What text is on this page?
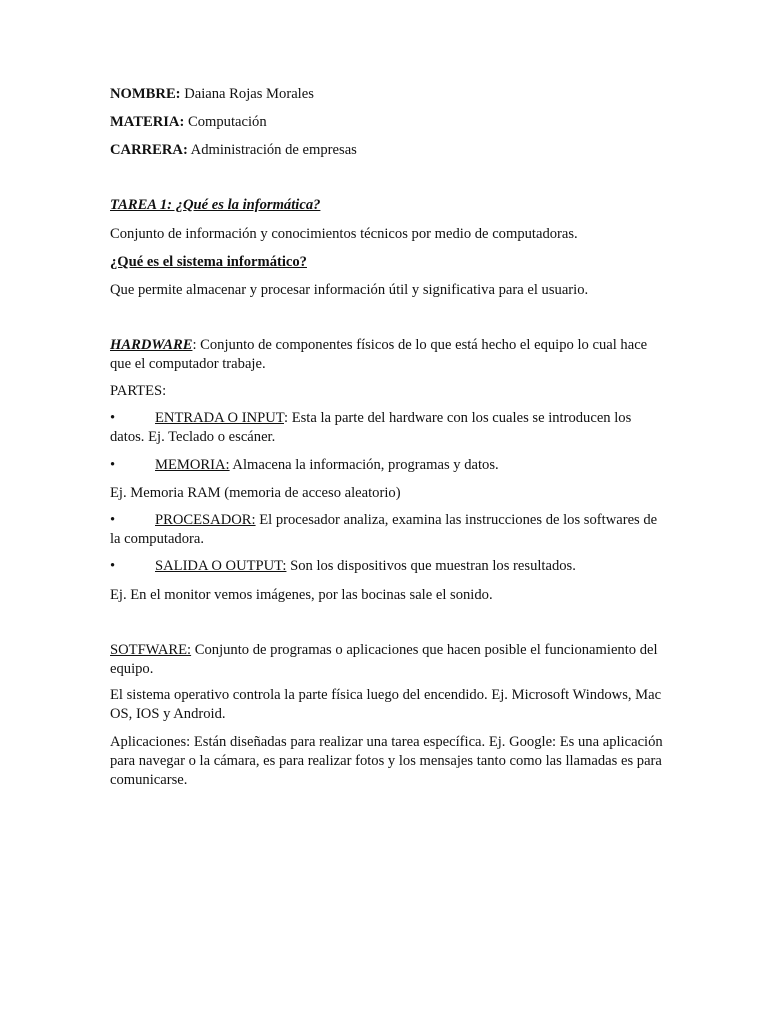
NOMBRE: Daiana Rojas Morales
MATERIA: Computación
CARRERA: Administración de empresas
TAREA 1: ¿Qué es la informática?
Conjunto de información y conocimientos técnicos por medio de computadoras.
¿Qué es el sistema informático?
Que permite almacenar y procesar información útil y significativa para el usuario.
HARDWARE: Conjunto de componentes físicos de lo que está hecho el equipo lo cual hace que el computador trabaje.
PARTES:
•	ENTRADA O INPUT: Esta la parte del hardware con los cuales se introducen los datos. Ej. Teclado o escáner.
•	MEMORIA: Almacena la información, programas y datos.
Ej. Memoria RAM (memoria de acceso aleatorio)
•	PROCESADOR: El procesador analiza, examina las instrucciones de los softwares de la computadora.
•	SALIDA O OUTPUT: Son los dispositivos que muestran los resultados.
Ej. En el monitor vemos imágenes, por las bocinas sale el sonido.
SOTFWARE: Conjunto de programas o aplicaciones que hacen posible el funcionamiento del equipo.
El sistema operativo controla la parte física luego del encendido. Ej. Microsoft Windows, Mac OS, IOS y Android.
Aplicaciones: Están diseñadas para realizar una tarea específica. Ej. Google: Es una aplicación para navegar o la cámara, es para realizar fotos y los mensajes tanto como las llamadas es para comunicarse.
